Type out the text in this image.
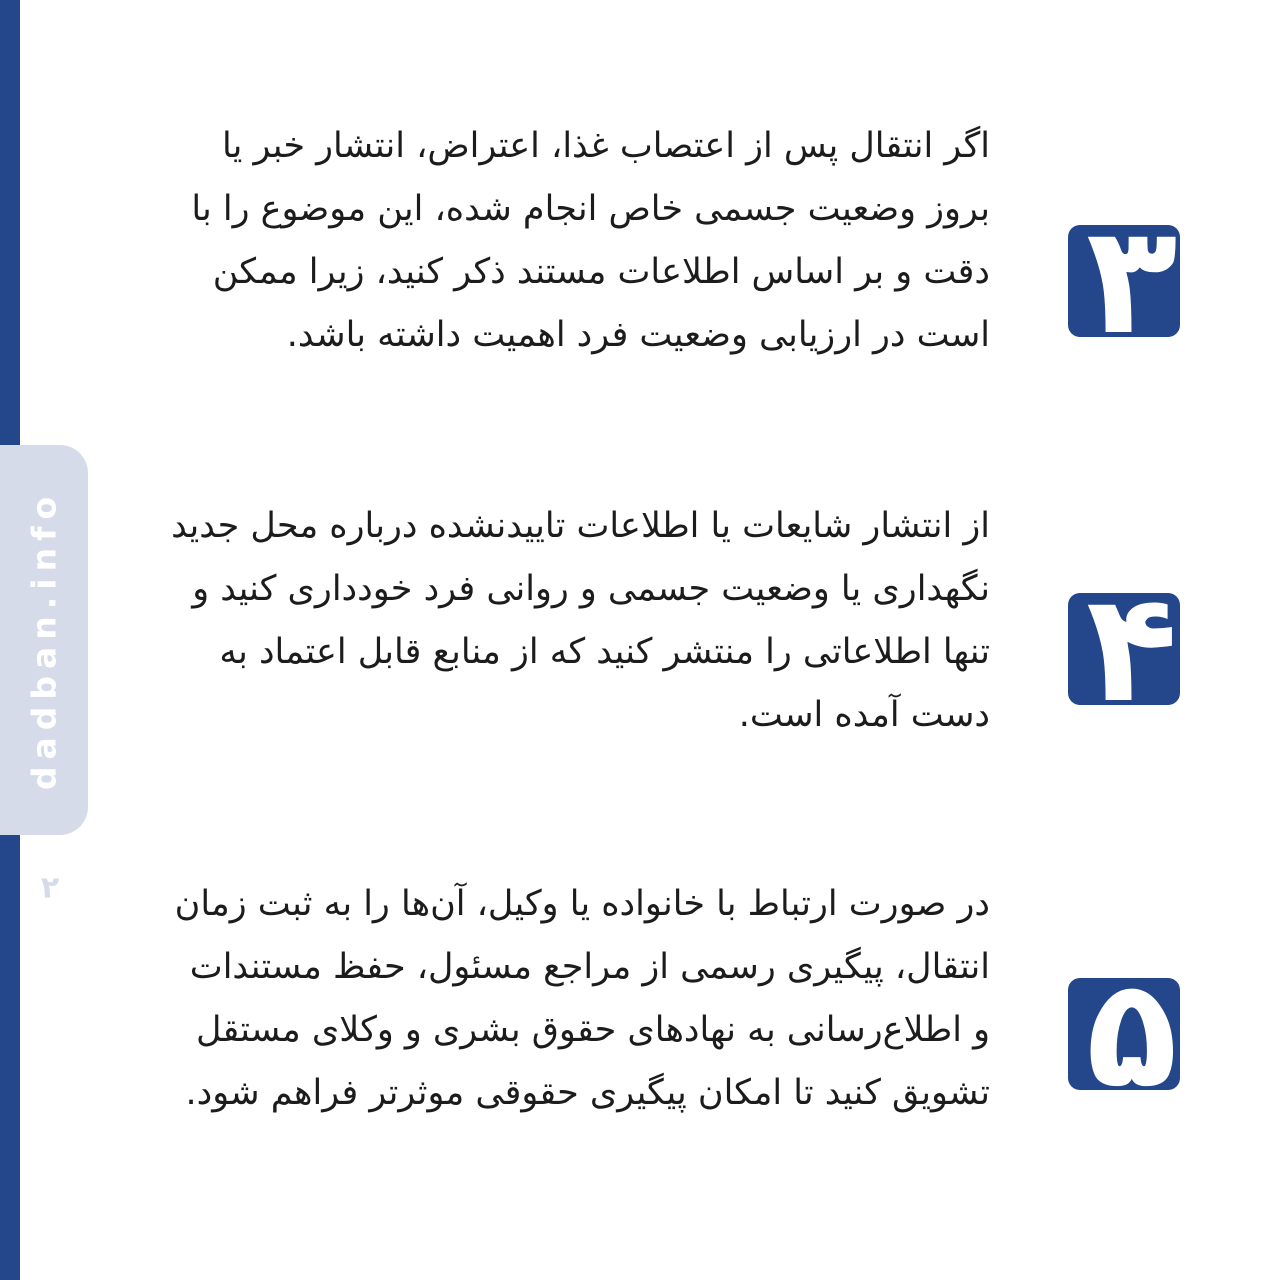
dadban.info
۲
اگر انتقال پس از اعتصاب غذا، اعتراض، انتشار خبر یا بروز وضعیت جسمی خاص انجام شده، این موضوع را با دقت و بر اساس اطلاعات مستند ذکر کنید، زیرا ممکن است در ارزیابی وضعیت فرد اهمیت داشته باشد. ۳
از انتشار شایعات یا اطلاعات تاییدنشده درباره محل جدید نگهداری یا وضعیت جسمی و روانی فرد خودداری کنید و تنها اطلاعاتی را منتشر کنید که از منابع قابل اعتماد به دست آمده است. ۴
در صورت ارتباط با خانواده یا وکیل، آن‌ها را به ثبت زمان انتقال، پیگیری رسمی از مراجع مسئول، حفظ مستندات و اطلاع‌رسانی به نهادهای حقوق بشری و وکلای مستقل تشویق کنید تا امکان پیگیری حقوقی موثرتر فراهم شود. ۵
